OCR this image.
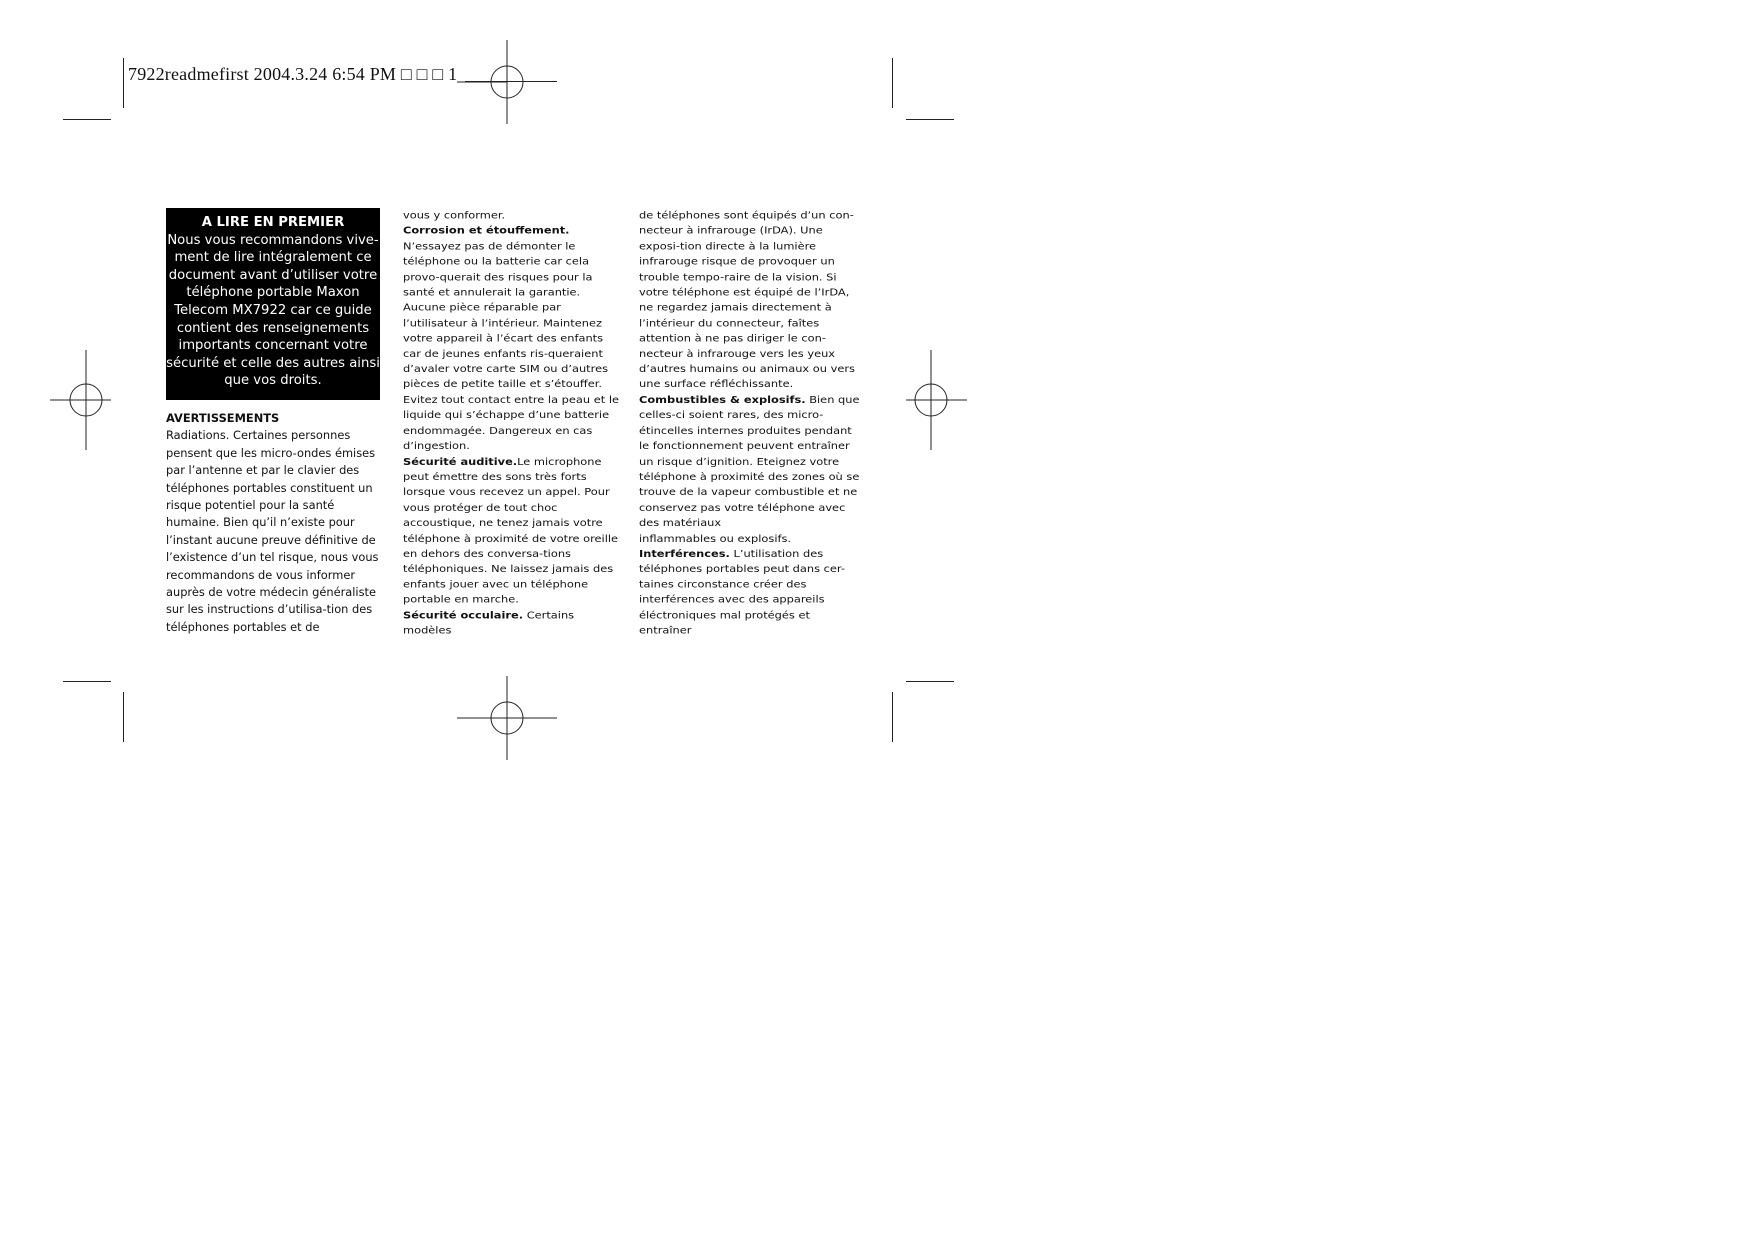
7922readmefirst 2004.3.24 6:54 PM □ □ □ 1
A LIRE EN PREMIER
Nous vous recommandons vive-ment de lire intégralement ce document avant d’utiliser votre téléphone portable Maxon Telecom MX7922 car ce guide contient des renseignements importants concernant votre sécurité et celle des autres ainsi que vos droits.

AVERTISSEMENTS

Radiations. Certaines personnes pensent que les micro-ondes émises par l’antenne et par le clavier des téléphones portables constituent un risque potentiel pour la santé humaine. Bien qu’il n’existe pour l’instant aucune preuve définitive de l’existence d’un tel risque, nous vous recommandons de vous informer auprès de votre médecin généraliste sur les instructions d’utilisa-tion des téléphones portables et de

vous y conformer.

Corrosion et étouffement.

N’essayez pas de démonter le téléphone ou la batterie car cela provo-querait des risques pour la santé et annulerait la garantie. Aucune pièce réparable par l’utilisateur à l’intérieur. Maintenez votre appareil à l’écart des enfants car de jeunes enfants ris-queraient d’avaler votre carte SIM ou d’autres pièces de petite taille et s’étouffer. Evitez tout contact entre la peau et le liquide qui s’échappe d’une batterie endommagée. Dangereux en cas d’ingestion.

Sécurité auditive.Le microphone peut émettre des sons très forts lorsque vous recevez un appel. Pour vous protéger de tout choc accoustique, ne tenez jamais votre téléphone à proximité de votre oreille en dehors des conversa-tions téléphoniques. Ne laissez jamais des enfants jouer avec un téléphone portable en marche.

Sécurité occulaire. Certains modèles

de téléphones sont équipés d’un con-necteur à infrarouge (IrDA). Une exposi-tion directe à la lumière infrarouge risque de provoquer un trouble tempo-raire de la vision. Si votre téléphone est équipé de l’IrDA, ne regardez jamais directement à l’intérieur du connecteur, faîtes attention à ne pas diriger le con-necteur à infrarouge vers les yeux d’autres humains ou animaux ou vers une surface réfléchissante.

Combustibles & explosifs. Bien que celles-ci soient rares, des micro-étincelles internes produites pendant le fonctionnement peuvent entraîner un risque d’ignition. Eteignez votre téléphone à proximité des zones où se trouve de la vapeur combustible et ne conservez pas votre téléphone avec des matériaux

inflammables ou explosifs.

Interférences. L’utilisation des téléphones portables peut dans cer-taines circonstance créer des interférences avec des appareils éléctroniques mal protégés et entraîner
